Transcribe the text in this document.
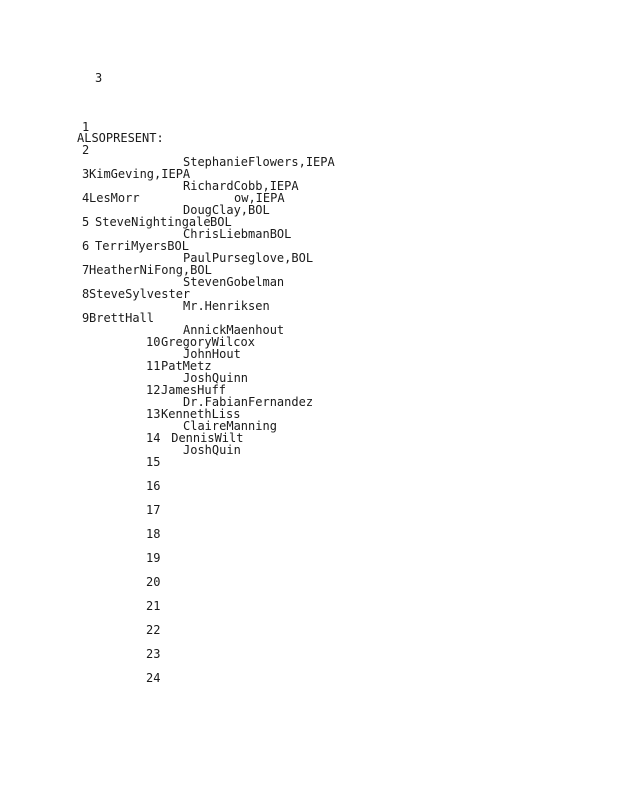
3
1
ALSOPRESENT:
2
3 KimGeving,IEPA
4 LesMorr
5 SteveNightingale
6 TerriMyersBOL
7 HeatherNiFong,BOL
8 SteveSylvester
9 BrettHall
10 GregoryWilcox
11 PatMetz
12 JamesHuff
13 KennethLiss
14 DennisWilt
15
16
17
18
19
20
21
22
23
24
StephanieFlowers,IEPA
RichardCobb,IEPA
ow,IEPA
DougClay,BOL
BOL
ChrisLiebmanBOL
PaulPurseglove,BOL
StevenGobelman
Mr.Henriksen
AnnickMaenhout
JohnHout
JoshQuinn
Dr.FabianFernandez
ClaireManning
JoshQuin
